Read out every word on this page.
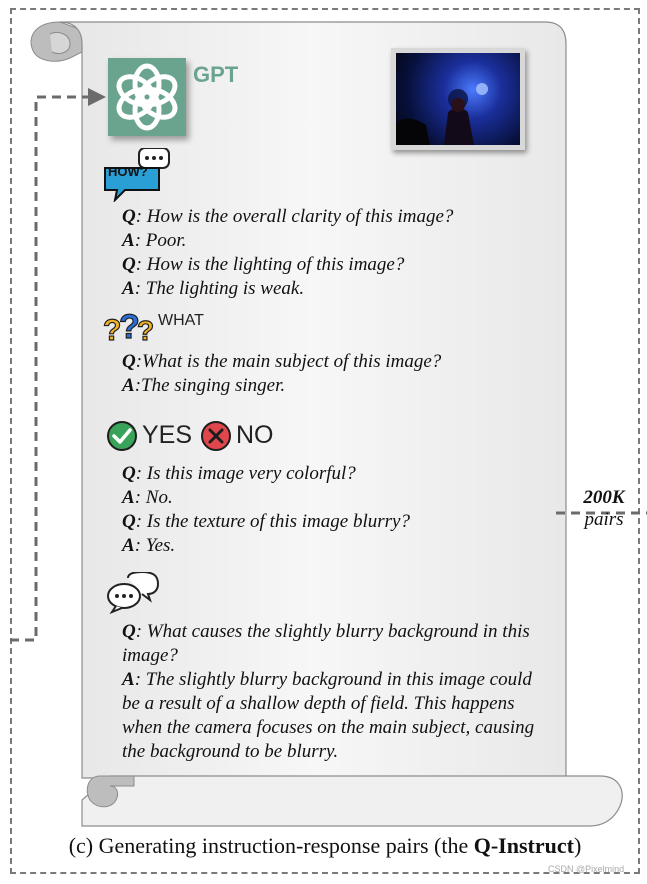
GPT
HOW?
Q: How is the overall clarity of this image?
A: Poor.
Q: How is the lighting of this image?
A: The lighting is weak.
?
?
? WHAT
Q:What is the main subject of this image?
A:The singing singer.
YES NO
Q: Is this image very colorful?
A: No.
Q: Is the texture of this image blurry?
A: Yes.
Q: What causes the slightly blurry background in this image?
A: The slightly blurry background in this image could be a result of a shallow depth of field. This happens when the camera focuses on the main subject, causing the background to be blurry.
200K
pairs
(c) Generating instruction-response pairs (the Q-Instruct)
CSDN @Pixelmind
